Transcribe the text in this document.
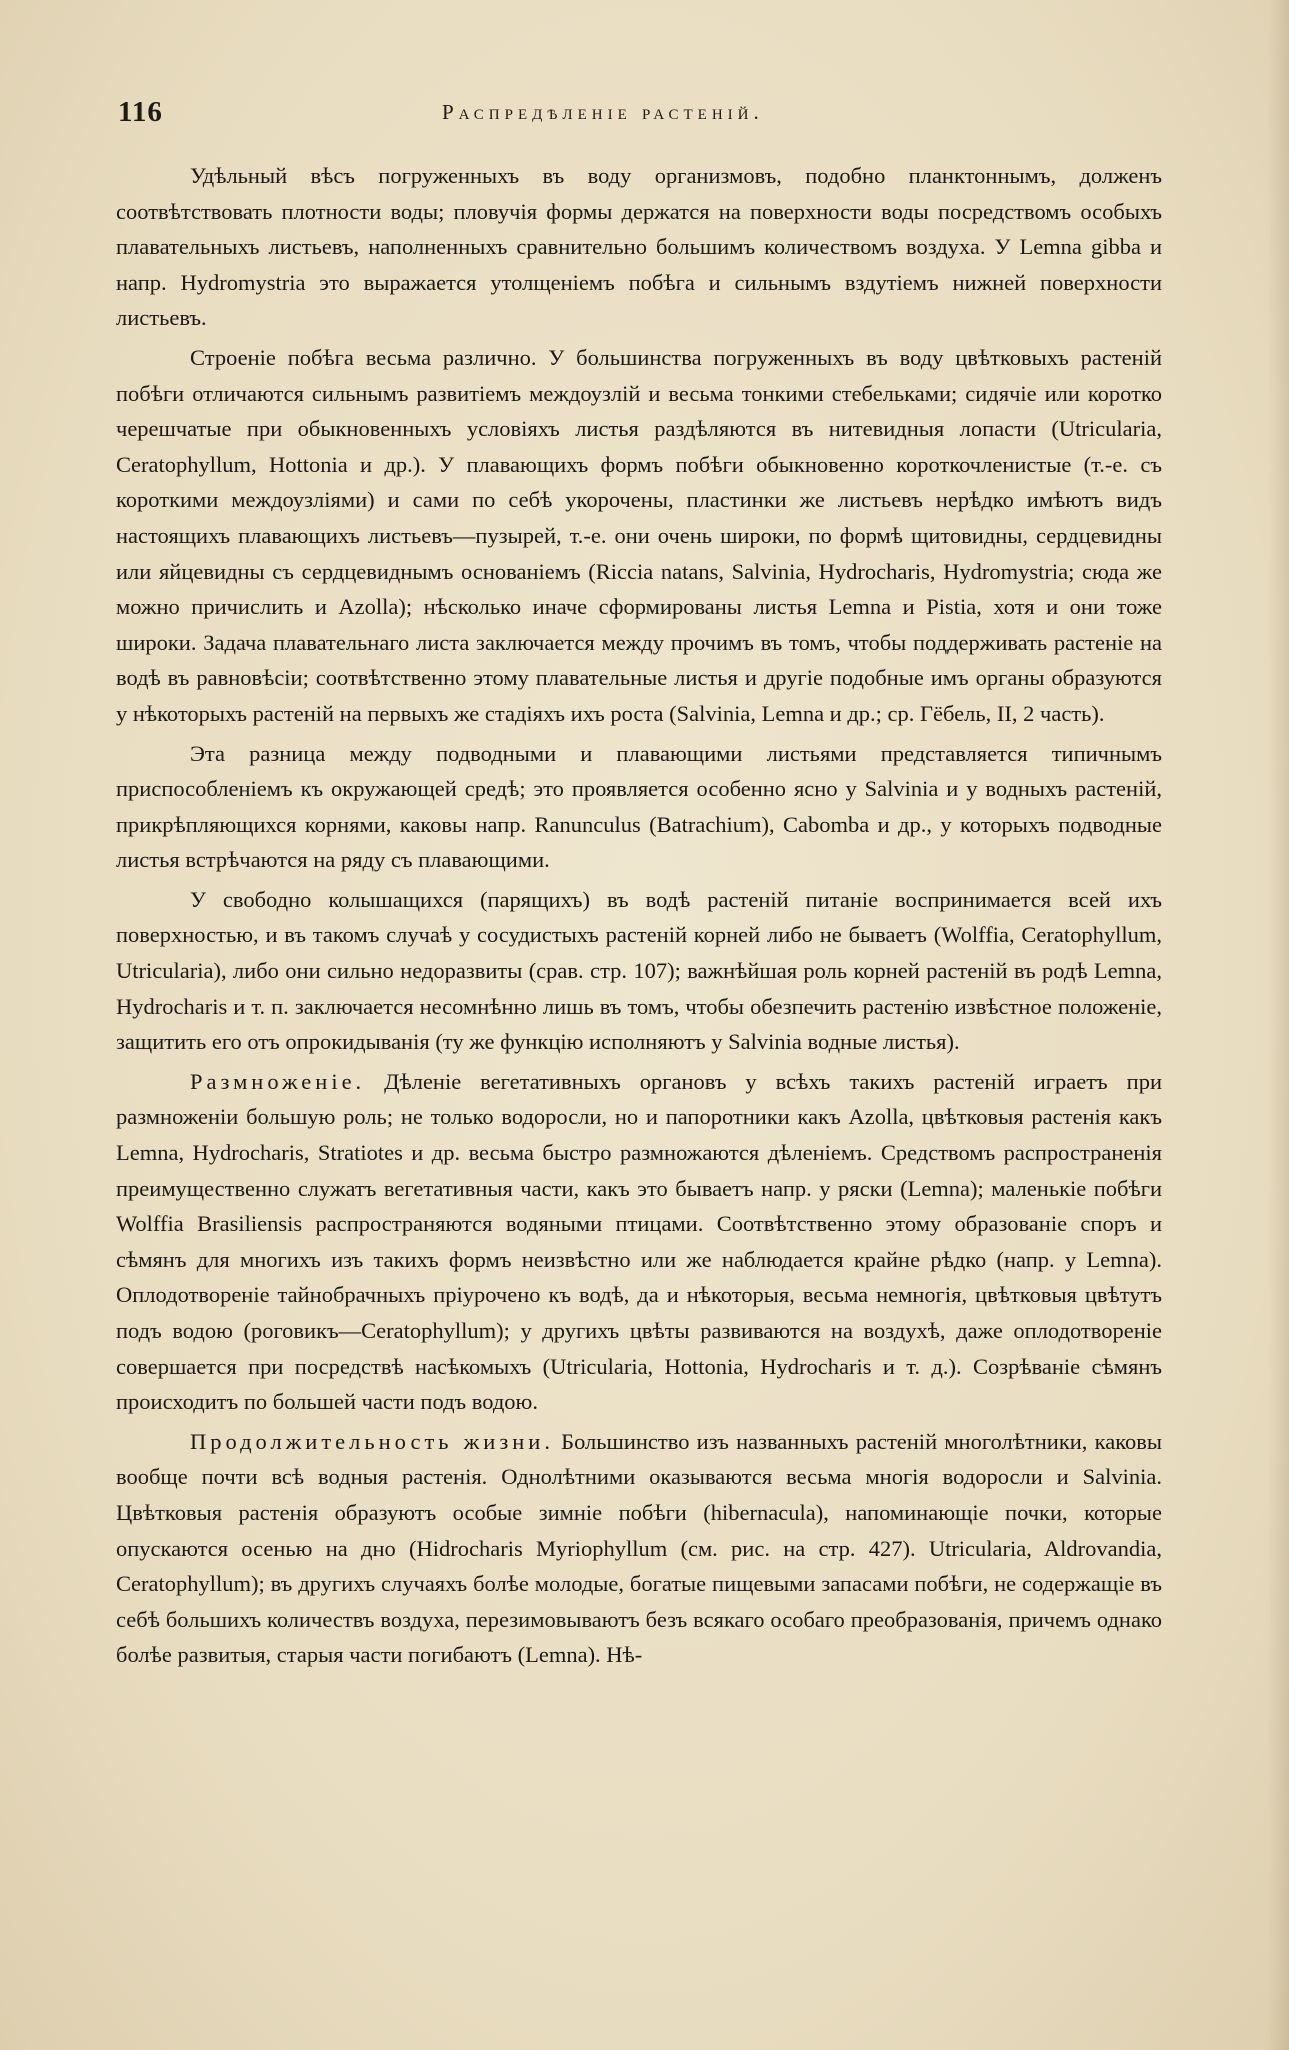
116	Распредѣленіе растеній.

Удѣльный вѣсъ погруженныхъ въ воду организмовъ, подобно планктоннымъ, долженъ соотвѣтствовать плотности воды; пловучія формы держатся на поверхности воды посредствомъ особыхъ плавательныхъ листьевъ, наполненныхъ сравнительно большимъ количествомъ воздуха. У Lemna gibba и напр. Hydromystria это выражается утолщеніемъ побѣга и сильнымъ вздутіемъ нижней поверхности листьевъ.

Строеніе побѣга весьма различно. У большинства погруженныхъ въ воду цвѣтковыхъ растеній побѣги отличаются сильнымъ развитіемъ междоузлій и весьма тонкими стебельками; сидячіе или коротко черешчатые при обыкновенныхъ условіяхъ листья раздѣляются въ нитевидныя лопасти (Utricularia, Ceratophyllum, Hottonia и др.). У плавающихъ формъ побѣги обыкновенно короткочленистые (т.-е. съ короткими междоузліями) и сами по себѣ укорочены, пластинки же листьевъ нерѣдко имѣютъ видъ настоящихъ плавающихъ листьевъ—пузырей, т.-е. они очень широки, по формѣ щитовидны, сердцевидны или яйцевидны съ сердцевиднымъ основаніемъ (Riccia natans, Salvinia, Hydrocharis, Hydromystria; сюда же можно причислить и Azolla); нѣсколько иначе сформированы листья Lemna и Pistia, хотя и они тоже широки. Задача плавательнаго листа заключается между прочимъ въ томъ, чтобы поддерживать растеніе на водѣ въ равновѣсіи; соотвѣтственно этому плавательные листья и другіе подобные имъ органы образуются у нѣкоторыхъ растеній на первыхъ же стадіяхъ ихъ роста (Salvinia, Lemna и др.; ср. Гёбель, II, 2 часть).

Эта разница между подводными и плавающими листьями представляется типичнымъ приспособленіемъ къ окружающей средѣ; это проявляется особенно ясно у Salvinia и у водныхъ растеній, прикрѣпляющихся корнями, каковы напр. Ranunculus (Batrachium), Cabomba и др., у которыхъ подводные листья встрѣчаются на ряду съ плавающими.

У свободно колышащихся (парящихъ) въ водѣ растеній питаніе воспринимается всей ихъ поверхностью, и въ такомъ случаѣ у сосудистыхъ растеній корней либо не бываетъ (Wolffia, Ceratophyllum, Utricularia), либо они сильно недоразвиты (срав. стр. 107); важнѣйшая роль корней растеній въ родѣ Lemna, Hydrocharis и т. п. заключается несомнѣнно лишь въ томъ, чтобы обезпечить растенію извѣстное положеніе, защитить его отъ опрокидыванія (ту же функцію исполняютъ у Salvinia водные листья).

Размноженіе. Дѣленіе вегетативныхъ органовъ у всѣхъ такихъ растеній играетъ при размноженіи большую роль; не только водоросли, но и папоротники какъ Azolla, цвѣтковыя растенія какъ Lemna, Hydrocharis, Stratiotes и др. весьма быстро размножаются дѣленіемъ. Средствомъ распространенія преимущественно служатъ вегетативныя части, какъ это бываетъ напр. у ряски (Lemna); маленькіе побѣги Wolffia Brasiliensis распространяются водяными птицами. Соотвѣтственно этому образованіе споръ и сѣмянъ для многихъ изъ такихъ формъ неизвѣстно или же наблюдается крайне рѣдко (напр. у Lemna). Оплодотвореніе тайнобрачныхъ пріурочено къ водѣ, да и нѣкоторыя, весьма немногія, цвѣтковыя цвѣтутъ подъ водою (роговикъ—Ceratophyllum); у другихъ цвѣты развиваются на воздухѣ, даже оплодотвореніе совершается при посредствѣ насѣкомыхъ (Utricularia, Hottonia, Hydrocharis и т. д.). Созрѣваніе сѣмянъ происходитъ по большей части подъ водою.

Продолжительность жизни. Большинство изъ названныхъ растеній многолѣтники, каковы вообще почти всѣ водныя растенія. Однолѣтними оказываются весьма многія водоросли и Salvinia. Цвѣтковыя растенія образуютъ особые зимніе побѣги (hibernacula), напоминающіе почки, которые опускаются осенью на дно (Hidrocharis Myriophyllum (см. рис. на стр. 427). Utricularia, Aldrovandia, Ceratophyllum); въ другихъ случаяхъ болѣе молодые, богатые пищевыми запасами побѣги, не содержащіе въ себѣ большихъ количествъ воздуха, перезимовываютъ безъ всякаго особаго преобразованія, причемъ однако болѣе развитыя, старыя части погибаютъ (Lemna). Нѣ-
